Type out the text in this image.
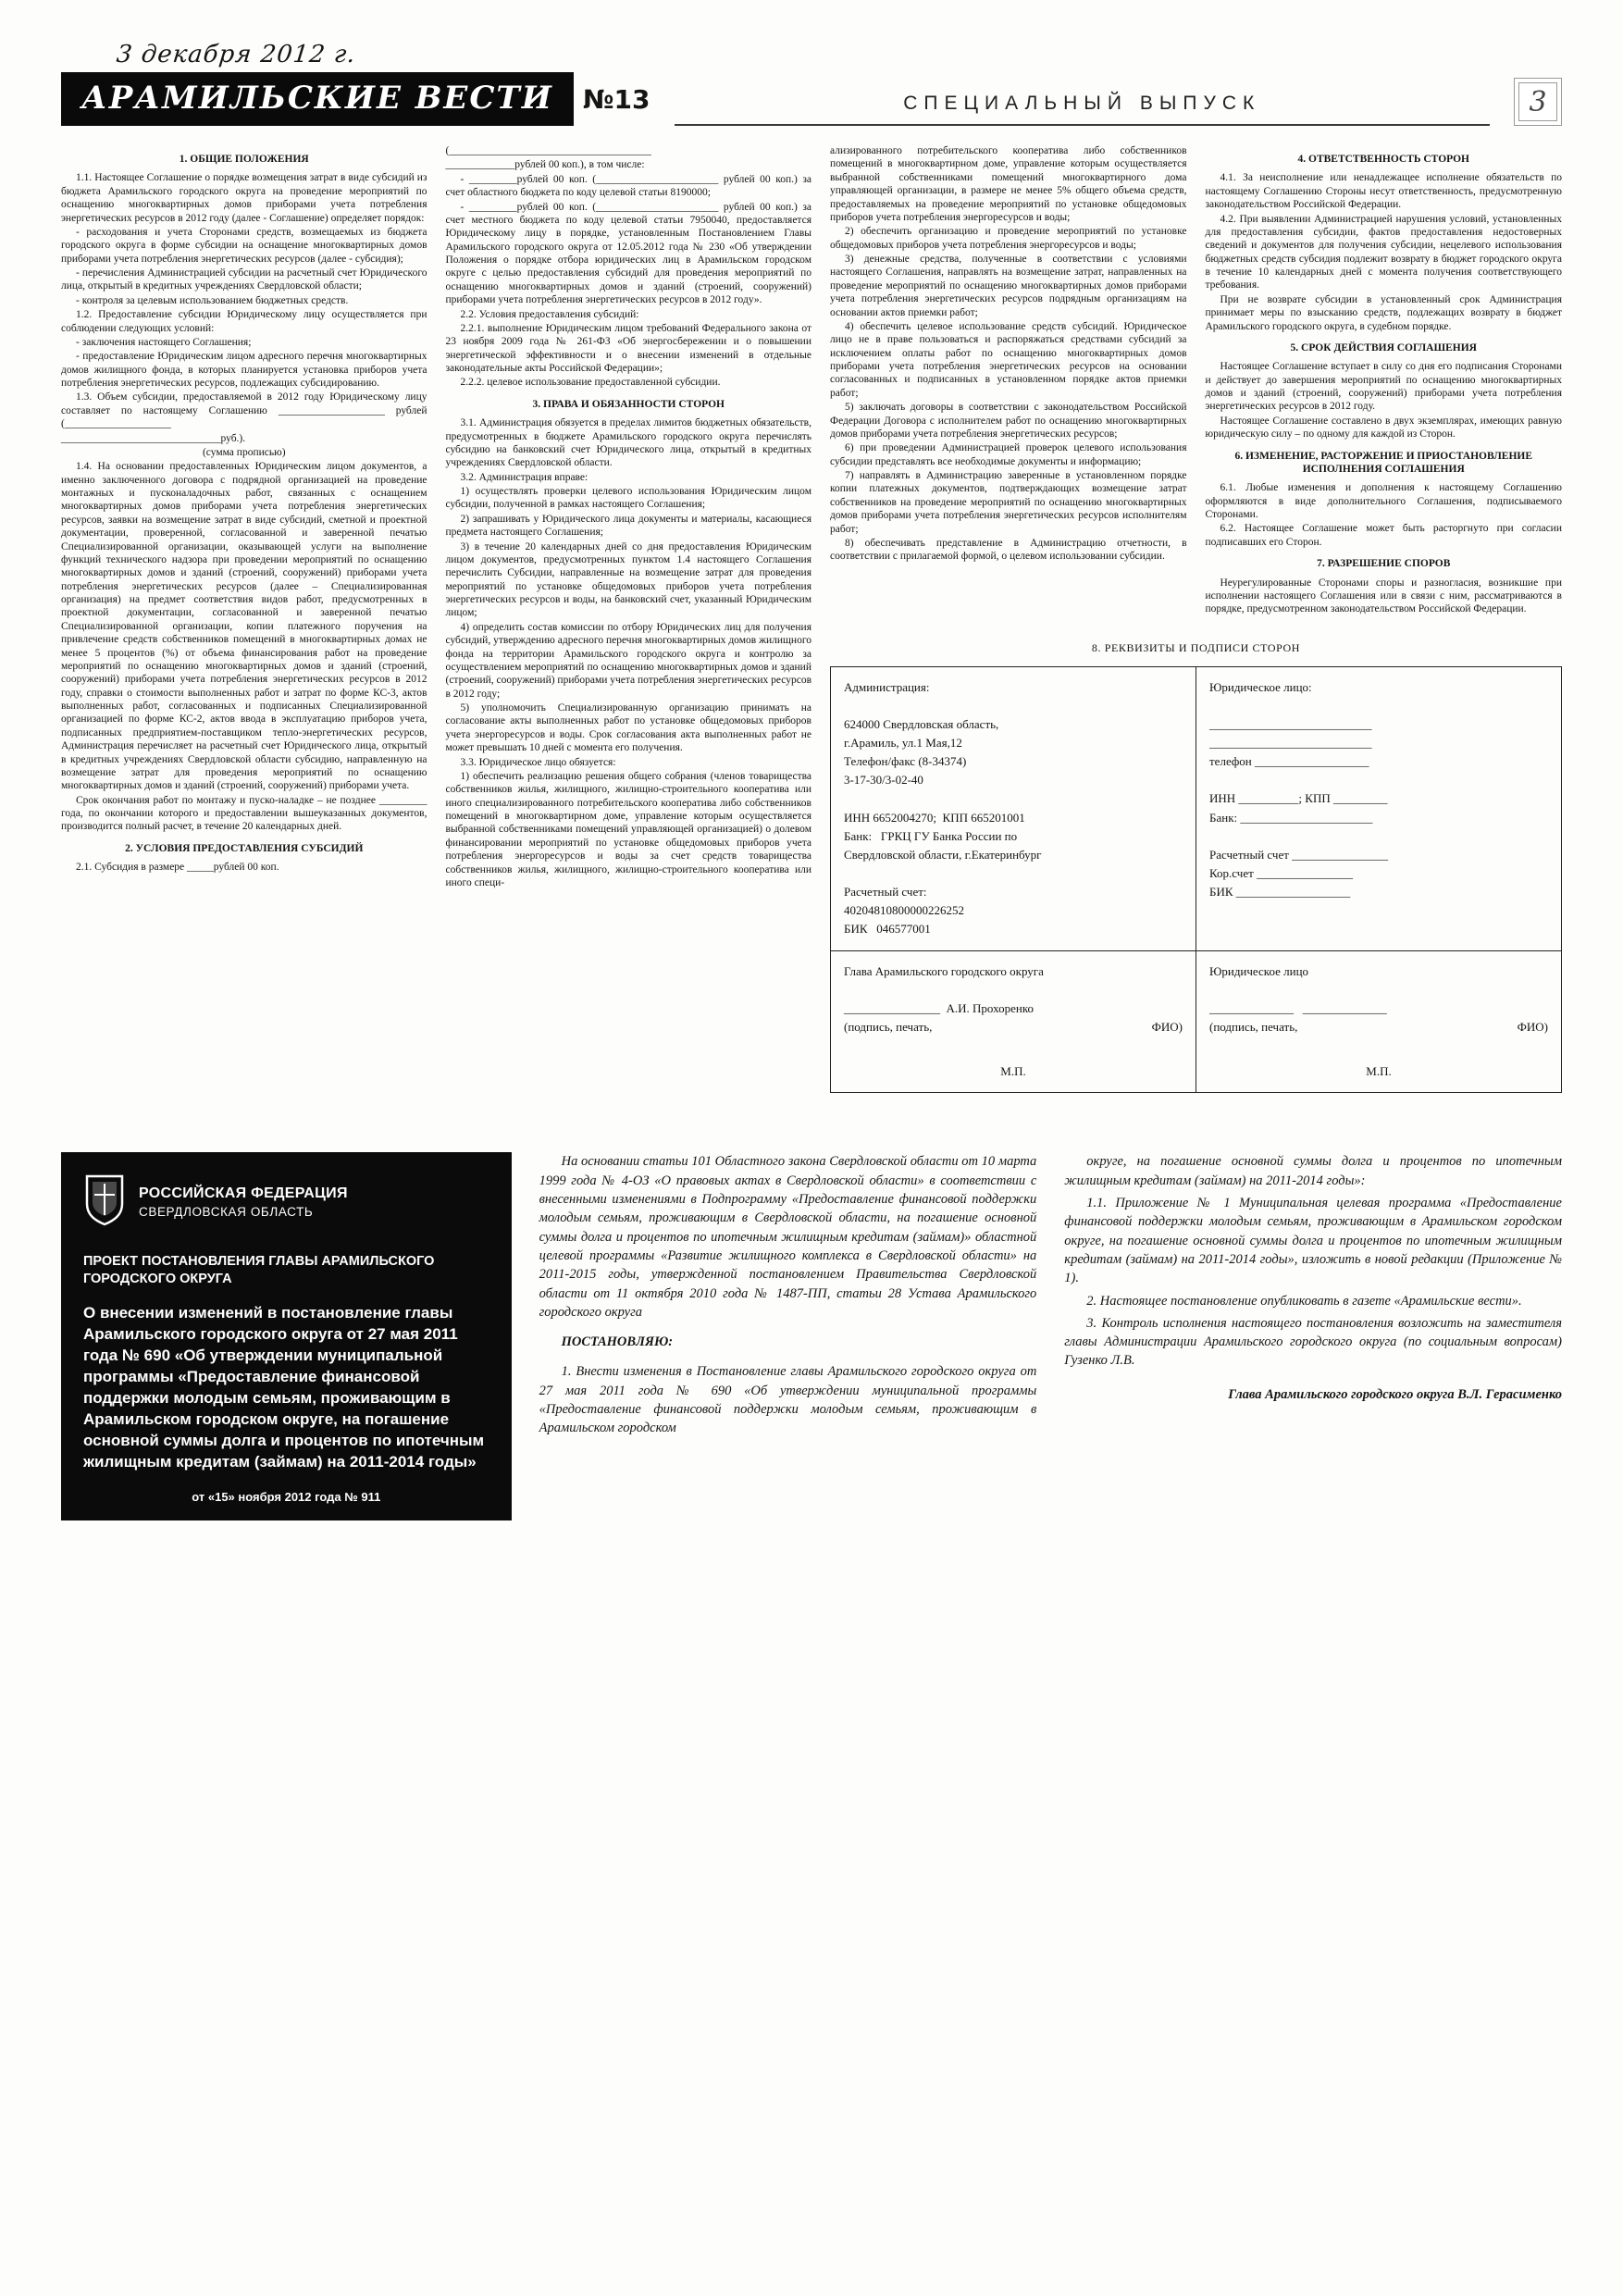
3 декабря 2012 г.
АРАМИЛЬСКИЕ ВЕСТИ	№13	СПЕЦИАЛЬНЫЙ ВЫПУСК	3
1. ОБЩИЕ ПОЛОЖЕНИЯ
1.1. Настоящее Соглашение о порядке возмещения затрат в виде субсидий из бюджета Арамильского городского округа на проведение мероприятий по оснащению многоквартирных домов приборами учета потребления энергетических ресурсов в 2012 году (далее - Соглашение) определяет порядок:
- расходования и учета Сторонами средств, возмещаемых из бюджета городского округа в форме субсидии на оснащение многоквартирных домов приборами учета потребления энергетических ресурсов (далее - субсидия);
- перечисления Администрацией субсидии на расчетный счет Юридического лица, открытый в кредитных учреждениях Свердловской области;
- контроля за целевым использованием бюджетных средств.
1.2. Предоставление субсидии Юридическому лицу осуществляется при соблюдении следующих условий:
- заключения настоящего Соглашения;
- предоставление Юридическим лицом адресного перечня многоквартирных домов жилищного фонда, в которых планируется установка приборов учета потребления энергетических ресурсов, подлежащих субсидированию.
1.3. Объем субсидии, предоставляемой в 2012 году Юридическому лицу составляет по настоящему Соглашению ____________________ рублей (____________________
______________________________руб.).
(сумма прописью)
1.4. На основании предоставленных Юридическим лицом документов, а именно заключенного договора с подрядной организацией на проведение монтажных и пусконаладочных работ, связанных с оснащением многоквартирных домов приборами учета потребления энергетических ресурсов, заявки на возмещение затрат в виде субсидий, сметной и проектной документации, проверенной, согласованной и заверенной печатью Специализированной организации, оказывающей услуги на выполнение функций технического надзора при проведении мероприятий по оснащению многоквартирных домов и зданий (строений, сооружений) приборами учета потребления энергетических ресурсов (далее – Специализированная организация) на предмет соответствия видов работ, предусмотренных в проектной документации, согласованной и заверенной печатью Специализированной организации, копии платежного поручения на привлечение средств собственников помещений в многоквартирных домах не менее 5 процентов (%) от объема финансирования работ на проведение мероприятий по оснащению многоквартирных домов и зданий (строений, сооружений) приборами учета потребления энергетических ресурсов в 2012 году, справки о стоимости выполненных работ и затрат по форме КС-3, актов выполненных работ, согласованных и подписанных Специализированной организацией по форме КС-2, актов ввода в эксплуатацию приборов учета, подписанных предприятием-поставщиком тепло-энергетических ресурсов, Администрация перечисляет на расчетный счет Юридического лица, открытый в кредитных учреждениях Свердловской области субсидию, направленную на возмещение затрат для проведения мероприятий по оснащению многоквартирных домов и зданий (строений, сооружений) приборами учета.
Срок окончания работ по монтажу и пуско-наладке – не позднее _________ года, по окончании которого и предоставлении вышеуказанных документов, производится полный расчет, в течение 20 календарных дней.
2. УСЛОВИЯ ПРЕДОСТАВЛЕНИЯ СУБСИДИЙ
2.1. Субсидия в размере _____рублей 00 коп.
(______________________________________
_____________рублей 00 коп.), в том числе:
- _________рублей 00 коп. (_______________________ рублей 00 коп.) за счет областного бюджета по коду целевой статьи 8190000;
- _________рублей 00 коп. (_______________________ рублей 00 коп.) за счет местного бюджета по коду целевой статьи 7950040, предоставляется Юридическому лицу в порядке, установленным Постановлением Главы Арамильского городского округа от 12.05.2012 года № 230 «Об утверждении Положения о порядке отбора юридических лиц в Арамильском городском округе с целью предоставления субсидий для проведения мероприятий по оснащению многоквартирных домов и зданий (строений, сооружений) приборами учета потребления энергетических ресурсов в 2012 году».
2.2. Условия предоставления субсидий:
2.2.1. выполнение Юридическим лицом требований Федерального закона от 23 ноября 2009 года № 261-ФЗ «Об энергосбережении и о повышении энергетической эффективности и о внесении изменений в отдельные законодательные акты Российской Федерации»;
2.2.2. целевое использование предоставленной субсидии.
3. ПРАВА И ОБЯЗАННОСТИ СТОРОН
3.1. Администрация обязуется в пределах лимитов бюджетных обязательств, предусмотренных в бюджете Арамильского городского округа перечислять субсидию на банковский счет Юридического лица, открытый в кредитных учреждениях Свердловской области.
3.2. Администрация вправе:
1) осуществлять проверки целевого использования Юридическим лицом субсидии, полученной в рамках настоящего Соглашения;
2) запрашивать у Юридического лица документы и материалы, касающиеся предмета настоящего Соглашения;
3) в течение 20 календарных дней со дня предоставления Юридическим лицом документов, предусмотренных пунктом 1.4 настоящего Соглашения перечислить Субсидии, направленные на возмещение затрат для проведения мероприятий по установке общедомовых приборов учета потребления энергетических ресурсов и воды, на банковский счет, указанный Юридическим лицом;
4) определить состав комиссии по отбору Юридических лиц для получения субсидий, утверждению адресного перечня многоквартирных домов жилищного фонда на территории Арамильского городского округа и контролю за осуществлением мероприятий по оснащению многоквартирных домов и зданий (строений, сооружений) приборами учета потребления энергетических ресурсов в 2012 году;
5) уполномочить Специализированную организацию принимать на согласование акты выполненных работ по установке общедомовых приборов учета энергоресурсов и воды. Срок согласования акта выполненных работ не может превышать 10 дней с момента его получения.
3.3. Юридическое лицо обязуется:
1) обеспечить реализацию решения общего собрания (членов товарищества собственников жилья, жилищного, жилищно-строительного кооператива или иного специализированного потребительского кооператива либо собственников помещений в многоквартирном доме, управление которым осуществляется выбранной собственниками помещений управляющей организацией) о долевом финансировании мероприятий по установке общедомовых приборов учета потребления энергоресурсов и воды за счет средств товарищества собственников жилья, жилищного, жилищно-строительного кооператива или иного специ-
ализированного потребительского кооператива либо собственников помещений в многоквартирном доме, управление которым осуществляется выбранной собственниками помещений многоквартирного дома управляющей организации, в размере не менее 5% общего объема средств, предоставляемых на проведение мероприятий по установке общедомовых приборов учета потребления энергоресурсов и воды;
2) обеспечить организацию и проведение мероприятий по установке общедомовых приборов учета потребления энергоресурсов и воды;
3) денежные средства, полученные в соответствии с условиями настоящего Соглашения, направлять на возмещение затрат, направленных на проведение мероприятий по оснащению многоквартирных домов приборами учета потребления энергетических ресурсов подрядным организациям на основании актов приемки работ;
4) обеспечить целевое использование средств субсидий. Юридическое лицо не в праве пользоваться и распоряжаться средствами субсидий за исключением оплаты работ по оснащению многоквартирных домов приборами учета потребления энергетических ресурсов на основании согласованных и подписанных в установленном порядке актов приемки работ;
5) заключать договоры в соответствии с законодательством Российской Федерации Договора с исполнителем работ по оснащению многоквартирных домов приборами учета потребления энергетических ресурсов;
6) при проведении Администрацией проверок целевого использования субсидии представлять все необходимые документы и информацию;
7) направлять в Администрацию заверенные в установленном порядке копии платежных документов, подтверждающих возмещение затрат собственников на проведение мероприятий по оснащению многоквартирных домов приборами учета потребления энергетических ресурсов исполнителям работ;
8) обеспечивать представление в Администрацию отчетности, в соответствии с прилагаемой формой, о целевом использовании субсидии.
4. ОТВЕТСТВЕННОСТЬ СТОРОН
4.1. За неисполнение или ненадлежащее исполнение обязательств по настоящему Соглашению Стороны несут ответственность, предусмотренную законодательством Российской Федерации.
4.2. При выявлении Администрацией нарушения условий, установленных для предоставления субсидии, фактов предоставления недостоверных сведений и документов для получения субсидии, нецелевого использования бюджетных средств субсидия подлежит возврату в бюджет городского округа в течение 10 календарных дней с момента получения соответствующего требования.
При не возврате субсидии в установленный срок Администрация принимает меры по взысканию средств, подлежащих возврату в бюджет Арамильского городского округа, в судебном порядке.
5. СРОК ДЕЙСТВИЯ СОГЛАШЕНИЯ
Настоящее Соглашение вступает в силу со дня его подписания Сторонами и действует до завершения мероприятий по оснащению многоквартирных домов и зданий (строений, сооружений) приборами учета потребления энергетических ресурсов в 2012 году.
Настоящее Соглашение составлено в двух экземплярах, имеющих равную юридическую силу – по одному для каждой из Сторон.
6. ИЗМЕНЕНИЕ, РАСТОРЖЕНИЕ И ПРИОСТАНОВЛЕНИЕ ИСПОЛНЕНИЯ СОГЛАШЕНИЯ
6.1. Любые изменения и дополнения к настоящему Соглашению оформляются в виде дополнительного Соглашения, подписываемого Сторонами.
6.2. Настоящее Соглашение может быть расторгнуто при согласии подписавших его Сторон.
7. РАЗРЕШЕНИЕ СПОРОВ
Неурегулированные Сторонами споры и разногласия, возникшие при исполнении настоящего Соглашения или в связи с ним, рассматриваются в порядке, предусмотренном законодательством Российской Федерации.
8. РЕКВИЗИТЫ И ПОДПИСИ СТОРОН
Администрация:

624000 Свердловская область,
г.Арамиль, ул.1 Мая,12
Телефон/факс (8-34374)
3-17-30/3-02-40

ИНН 6652004270;  КПП 665201001
Банк:   ГРКЦ ГУ Банка России по
Свердловской области, г.Екатеринбург

Расчетный счет:
40204810800000226252
БИК   046577001

Юридическое лицо:

___________________________
___________________________
телефон ___________________

ИНН __________; КПП _________
Банк: ______________________

Расчетный счет ________________
Кор.счет ________________
БИК ___________________

Глава Арамильского городского округа

________________  А.И. Прохоренко
(подпись, печать,	ФИО)

М.П.

Юридическое лицо

______________   ______________
(подпись, печать,	ФИО)

М.П.
РОССИЙСКАЯ ФЕДЕРАЦИЯ
СВЕРДЛОВСКАЯ ОБЛАСТЬ
ПРОЕКТ ПОСТАНОВЛЕНИЯ ГЛАВЫ АРАМИЛЬСКОГО ГОРОДСКОГО ОКРУГА
О внесении изменений в постановление главы Арамильского городского округа от 27 мая 2011 года № 690 «Об утверждении муниципальной программы «Предоставление финансовой поддержки молодым семьям, проживающим в Арамильском городском округе, на погашение основной суммы долга и процентов по ипотечным жилищным кредитам (займам) на 2011-2014 годы»
от «15» ноября 2012 года № 911
На основании статьи 101 Областного закона Свердловской области от 10 марта 1999 года № 4-ОЗ «О правовых актах в Свердловской области» в соответствии с внесенными изменениями в Подпрограмму «Предоставление финансовой поддержки молодым семьям, проживающим в Свердловской области, на погашение основной суммы долга и процентов по ипотечным жилищным кредитам (займам)» областной целевой программы «Развитие жилищного комплекса в Свердловской области» на 2011-2015 годы, утвержденной постановлением Правительства Свердловской области от 11 октября 2010 года № 1487-ПП, статьи 28 Устава Арамильского городского округа
ПОСТАНОВЛЯЮ:
1. Внести изменения в Постановление главы Арамильского городского округа от 27 мая 2011 года № 690 «Об утверждении муниципальной программы «Предоставление финансовой поддержки молодым семьям, проживающим в Арамильском городском
округе, на погашение основной суммы долга и процентов по ипотечным жилищным кредитам (займам) на 2011-2014 годы»:
1.1. Приложение № 1 Муниципальная целевая программа «Предоставление финансовой поддержки молодым семьям, проживающим в Арамильском городском округе, на погашение основной суммы долга и процентов по ипотечным жилищным кредитам (займам) на 2011-2014 годы», изложить в новой редакции (Приложение № 1).
2. Настоящее постановление опубликовать в газете «Арамильские вести».
3. Контроль исполнения настоящего постановления возложить на заместителя главы Администрации Арамильского городского округа (по социальным вопросам) Гузенко Л.В.
Глава Арамильского городского округа В.Л. Герасименко
